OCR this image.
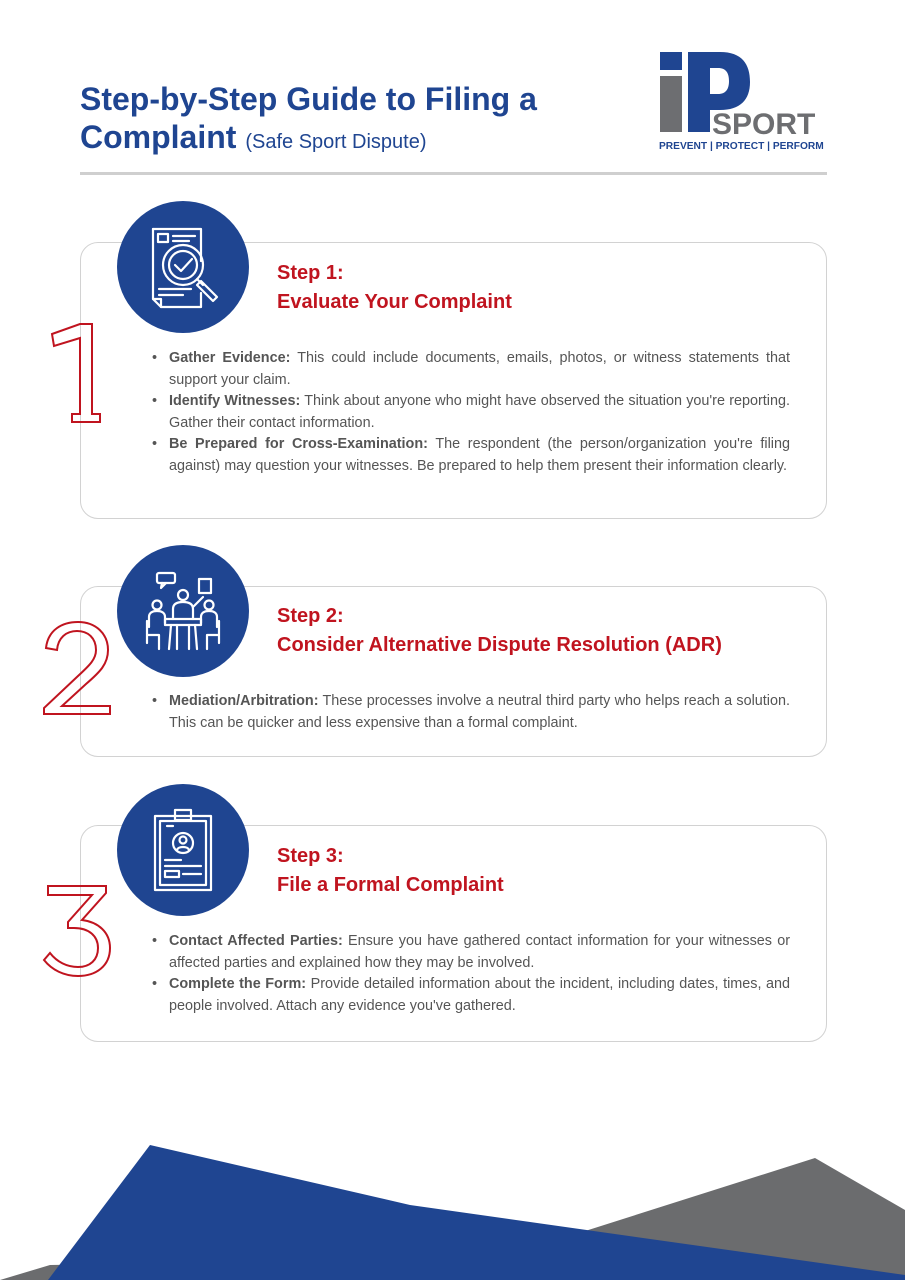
Step-by-Step Guide to Filing a Complaint (Safe Sport Dispute)
SPORT
PREVENT | PROTECT | PERFORM
Step 1:
Evaluate Your Complaint
• Gather Evidence: This could include documents, emails, photos, or witness statements that support your claim.
• Identify Witnesses: Think about anyone who might have observed the situation you're reporting. Gather their contact information.
• Be Prepared for Cross-Examination: The respondent (the person/organization you're filing against) may question your witnesses. Be prepared to help them present their information clearly.
Step 2:
Consider Alternative Dispute Resolution (ADR)
• Mediation/Arbitration: These processes involve a neutral third party who helps reach a solution. This can be quicker and less expensive than a formal complaint.
Step 3:
File a Formal Complaint
• Contact Affected Parties: Ensure you have gathered contact information for your witnesses or affected parties and explained how they may be involved.
• Complete the Form: Provide detailed information about the incident, including dates, times, and people involved. Attach any evidence you've gathered.
